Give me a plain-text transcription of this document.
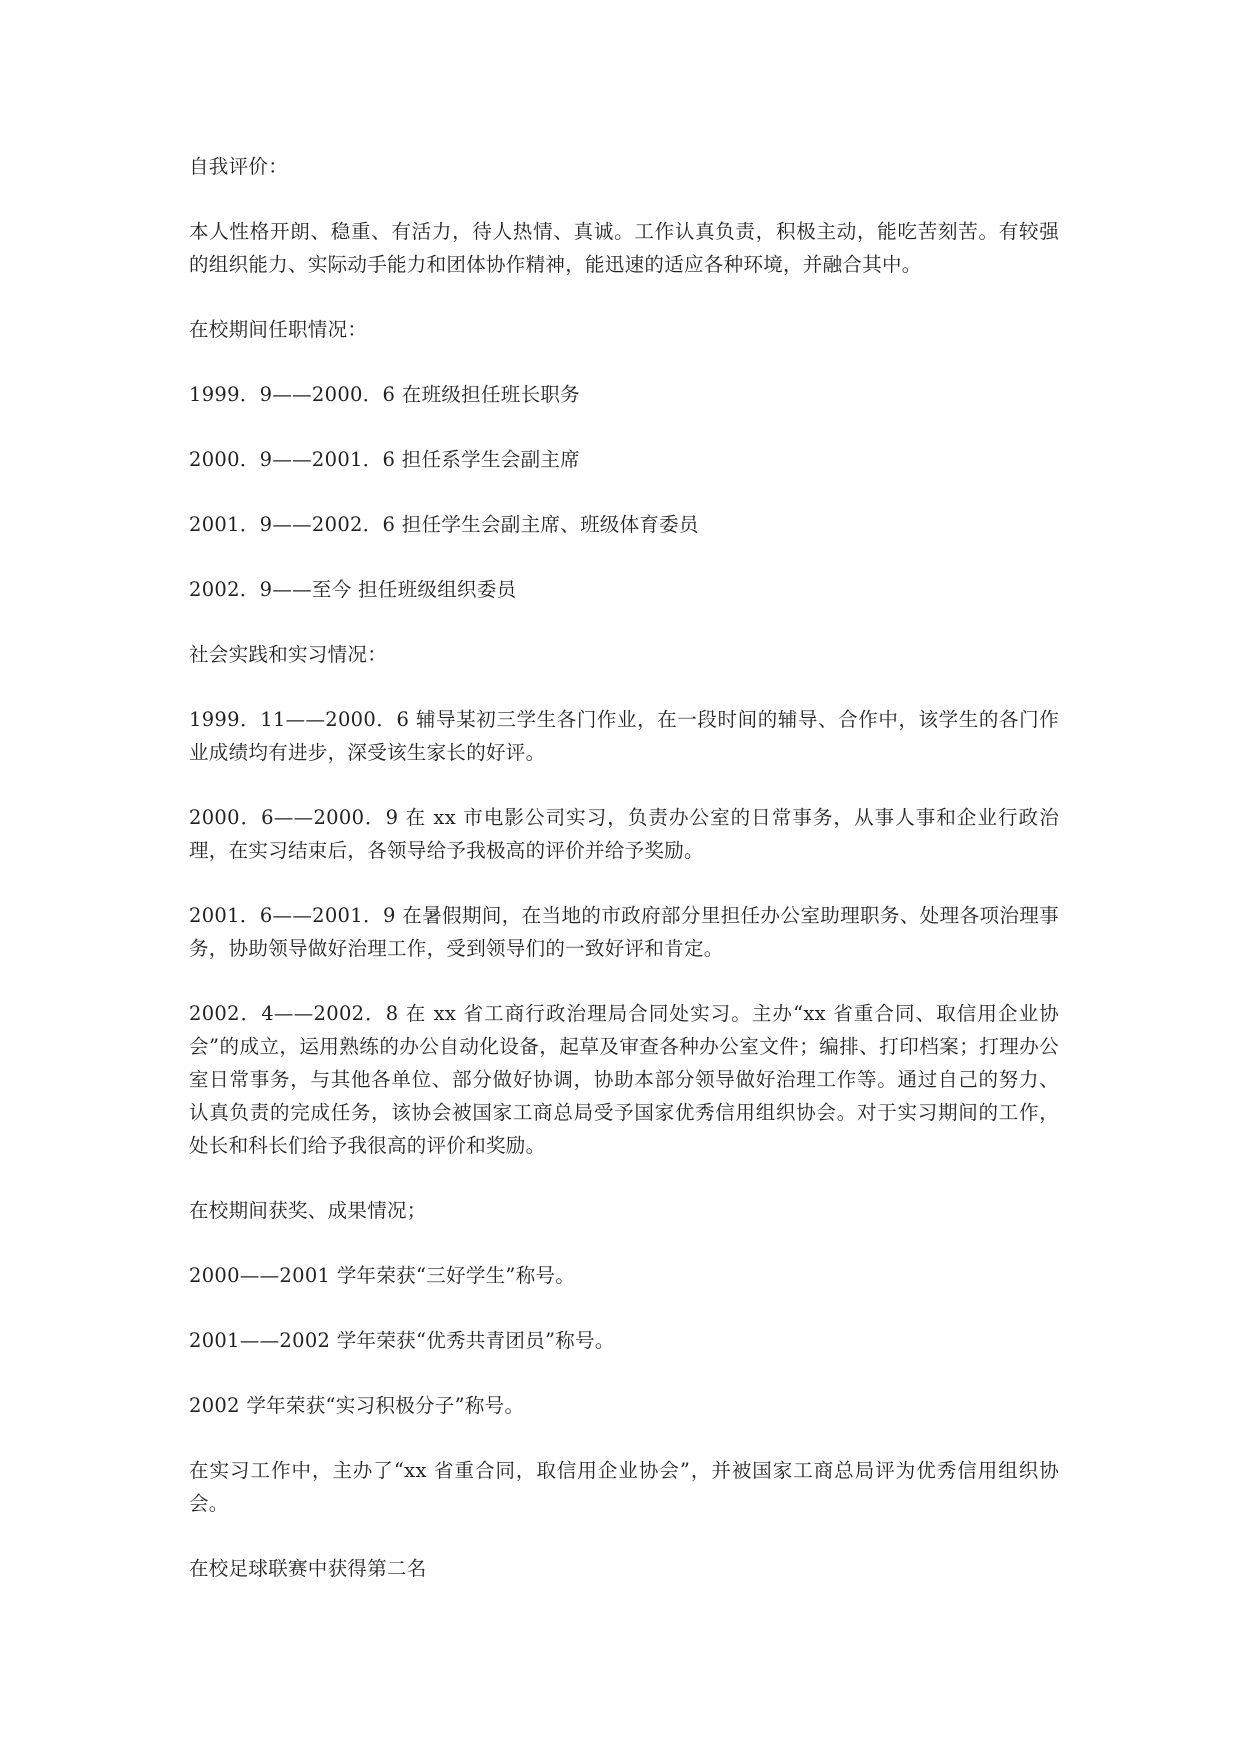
自我评价：

本人性格开朗、稳重、有活力，待人热情、真诚。工作认真负责，积极主动，能吃苦刻苦。有较强的组织能力、实际动手能力和团体协作精神，能迅速的适应各种环境，并融合其中。

在校期间任职情况：

1999．9——2000．6 在班级担任班长职务

2000．9——2001．6 担任系学生会副主席

2001．9——2002．6 担任学生会副主席、班级体育委员

2002．9——至今 担任班级组织委员

社会实践和实习情况：

1999．11——2000．6 辅导某初三学生各门作业，在一段时间的辅导、合作中，该学生的各门作业成绩均有进步，深受该生家长的好评。

2000．6——2000．9 在 xx 市电影公司实习，负责办公室的日常事务，从事人事和企业行政治理，在实习结束后，各领导给予我极高的评价并给予奖励。

2001．6——2001．9 在暑假期间，在当地的市政府部分里担任办公室助理职务、处理各项治理事务，协助领导做好治理工作，受到领导们的一致好评和肯定。

2002．4——2002．8 在 xx 省工商行政治理局合同处实习。主办“xx 省重合同、取信用企业协会”的成立，运用熟练的办公自动化设备，起草及审查各种办公室文件；编排、打印档案；打理办公室日常事务，与其他各单位、部分做好协调，协助本部分领导做好治理工作等。通过自己的努力、认真负责的完成任务，该协会被国家工商总局受予国家优秀信用组织协会。对于实习期间的工作，处长和科长们给予我很高的评价和奖励。

在校期间获奖、成果情况；

2000——2001 学年荣获“三好学生”称号。

2001——2002 学年荣获“优秀共青团员”称号。

2002 学年荣获“实习积极分子”称号。

在实习工作中，主办了“xx 省重合同，取信用企业协会”，并被国家工商总局评为优秀信用组织协会。

在校足球联赛中获得第二名
